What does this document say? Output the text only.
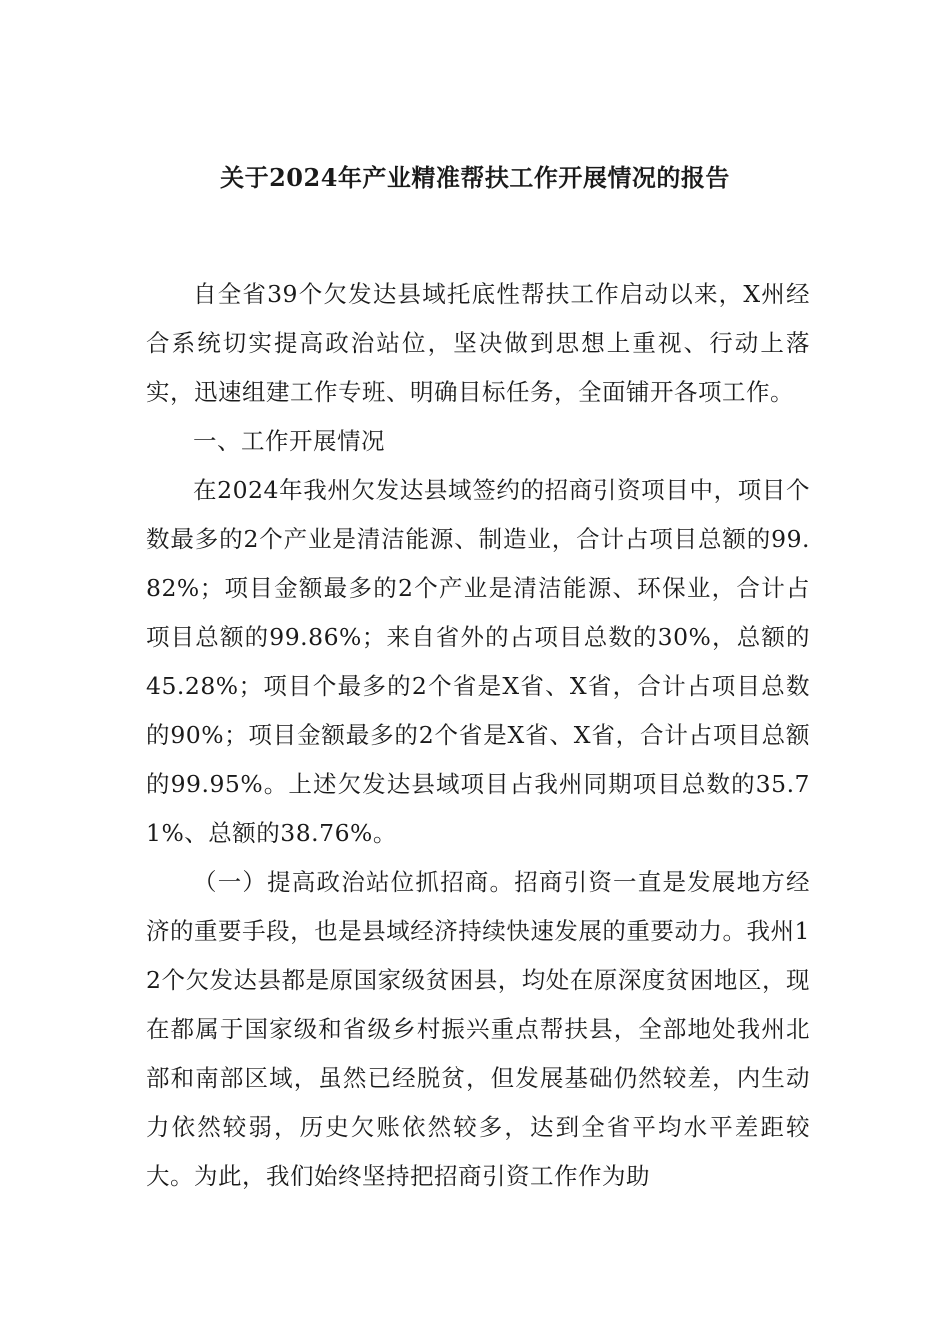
关于2024年产业精准帮扶工作开展情况的报告

自全省39个欠发达县域托底性帮扶工作启动以来，X州经合系统切实提高政治站位，坚决做到思想上重视、行动上落实，迅速组建工作专班、明确目标任务，全面铺开各项工作。

一、工作开展情况

在2024年我州欠发达县域签约的招商引资项目中，项目个数最多的2个产业是清洁能源、制造业，合计占项目总额的99.82%；项目金额最多的2个产业是清洁能源、环保业，合计占项目总额的99.86%；来自省外的占项目总数的30%，总额的45.28%；项目个最多的2个省是X省、X省，合计占项目总数的90%；项目金额最多的2个省是X省、X省，合计占项目总额的99.95%。上述欠发达县域项目占我州同期项目总数的35.71%、总额的38.76%。

（一）提高政治站位抓招商。招商引资一直是发展地方经济的重要手段，也是县域经济持续快速发展的重要动力。我州12个欠发达县都是原国家级贫困县，均处在原深度贫困地区，现在都属于国家级和省级乡村振兴重点帮扶县，全部地处我州北部和南部区域，虽然已经脱贫，但发展基础仍然较差，内生动力依然较弱，历史欠账依然较多，达到全省平均水平差距较大。为此，我们始终坚持把招商引资工作作为助
